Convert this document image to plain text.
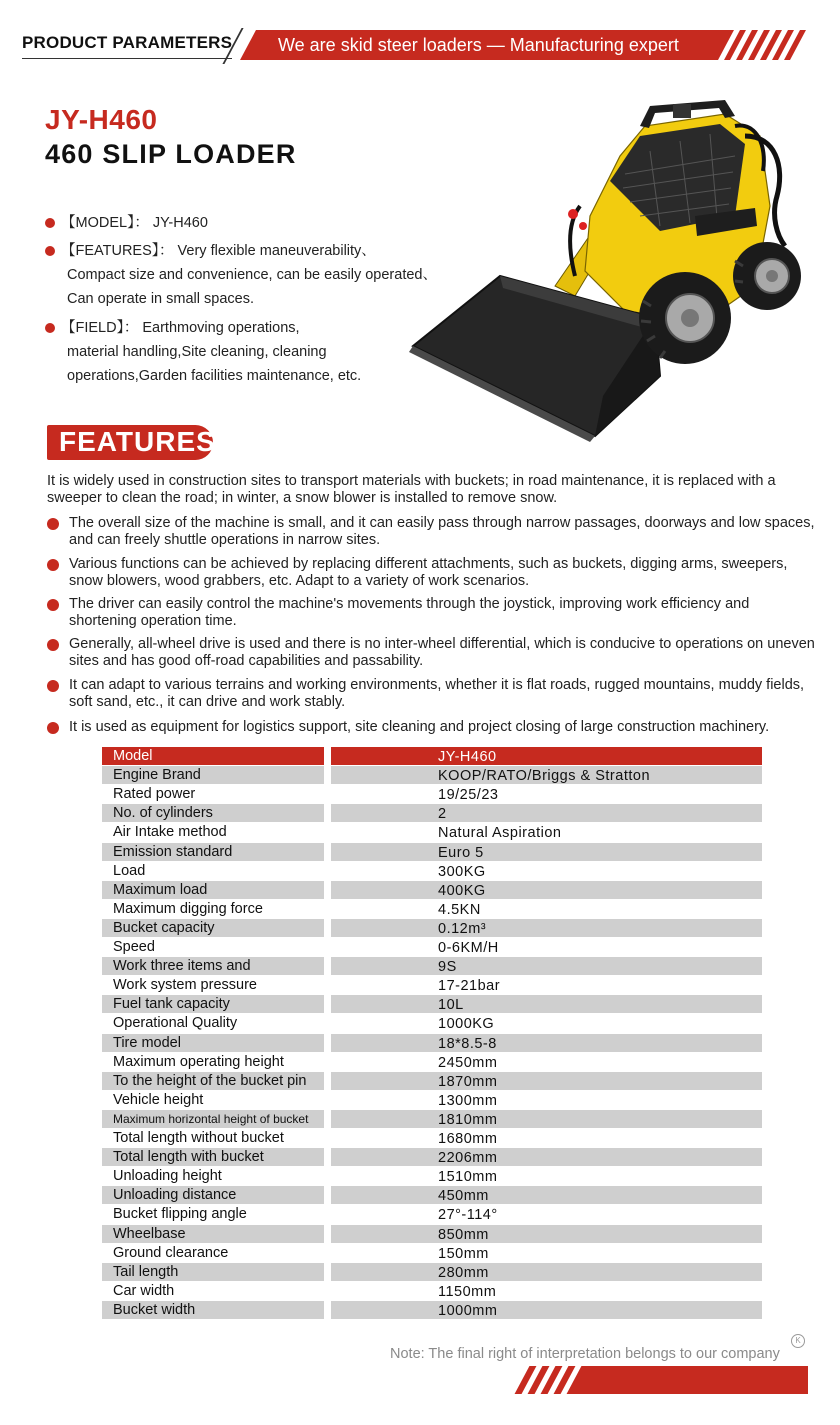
PRODUCT PARAMETERS	We are skid steer loaders — Manufacturing expert
JY-H460
460 SLIP LOADER
【MODEL】： JY-H460
【FEATURES】： Very flexible maneuverability、
Compact size and convenience, can be easily operated、
Can operate in small spaces.
【FIELD】： Earthmoving operations,
material handling,Site cleaning, cleaning
operations,Garden facilities maintenance, etc.
FEATURES
It is widely used in construction sites to transport materials with buckets; in road maintenance, it is replaced with a sweeper to clean the road; in winter, a snow blower is installed to remove snow.
The overall size of the machine is small, and it can easily pass through narrow passages, doorways and low spaces, and can freely shuttle operations in narrow sites.
Various functions can be achieved by replacing different attachments, such as buckets, digging arms, sweepers, snow blowers, wood grabbers, etc. Adapt to a variety of work scenarios.
The driver can easily control the machine's movements through the joystick, improving work efficiency and shortening operation time.
Generally, all-wheel drive is used and there is no inter-wheel differential, which is conducive to operations on uneven sites and has good off-road capabilities and passability.
It can adapt to various terrains and working environments, whether it is flat roads, rugged mountains, muddy fields, soft sand, etc., it can drive and work stably.
It is used as equipment for logistics support, site cleaning and project closing of large construction machinery.
Model	JY-H460
Engine Brand	KOOP/RATO/Briggs & Stratton
Rated power	19/25/23
No. of cylinders	2
Air Intake method	Natural Aspiration
Emission standard	Euro 5
Load	300KG
Maximum load	400KG
Maximum digging force	4.5KN
Bucket capacity	0.12m³
Speed	0-6KM/H
Work three items and	9S
Work system pressure	17-21bar
Fuel tank capacity	10L
Operational Quality	1000KG
Tire model	18*8.5-8
Maximum operating height	2450mm
To the height of the bucket pin	1870mm
Vehicle height	1300mm
Maximum horizontal height of bucket	1810mm
Total length without bucket	1680mm
Total length with bucket	2206mm
Unloading height	1510mm
Unloading distance	450mm
Bucket flipping angle	27°-114°
Wheelbase	850mm
Ground clearance	150mm
Tail length	280mm
Car width	1150mm
Bucket width	1000mm
K
Note: The final right of interpretation belongs to our company
